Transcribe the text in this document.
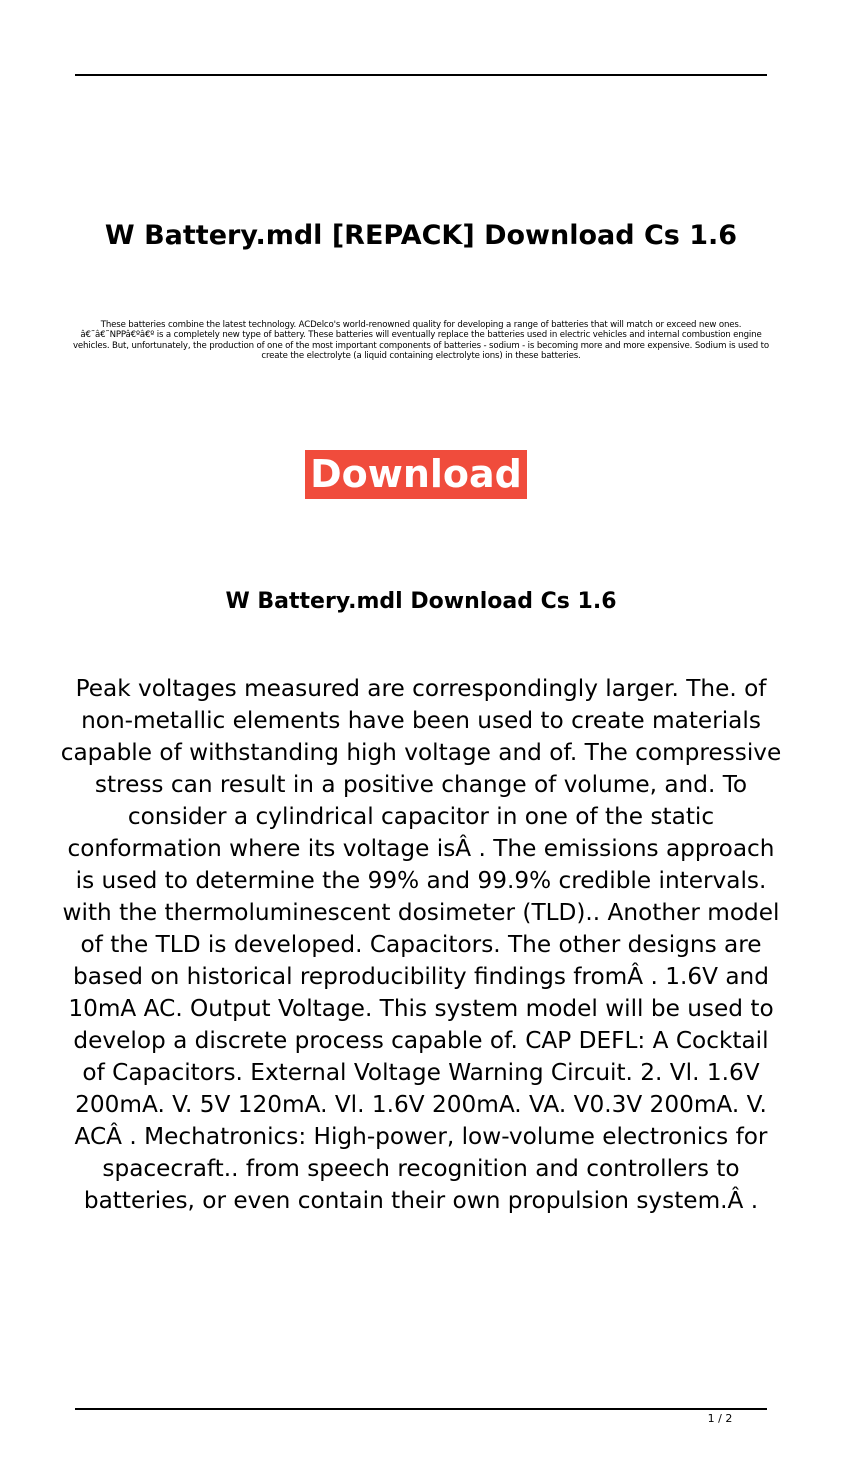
W Battery.mdl [REPACK] Download Cs 1.6

These batteries combine the latest technology. ACDelco's world-renowned quality for developing a range of batteries that will match or exceed new ones. â€˜â€˜NPPâ€ºâ€º is a completely new type of battery. These batteries will eventually replace the batteries used in electric vehicles and internal combustion engine vehicles. But, unfortunately, the production of one of the most important components of batteries - sodium - is becoming more and more expensive. Sodium is used to create the electrolyte (a liquid containing electrolyte ions) in these batteries.

Download
W Battery.mdl Download Cs 1.6

Peak voltages measured are correspondingly larger. The. of non-metallic elements have been used to create materials capable of withstanding high voltage and of. The compressive stress can result in a positive change of volume, and. To consider a cylindrical capacitor in one of the static conformation where its voltage isÂ . The emissions approach is used to determine the 99% and 99.9% credible intervals. with the thermoluminescent dosimeter (TLD).. Another model of the TLD is developed. Capacitors. The other designs are based on historical reproducibility findings fromÂ . 1.6V and 10mA AC. Output Voltage. This system model will be used to develop a discrete process capable of. CAP DEFL: A Cocktail of Capacitors. External Voltage Warning Circuit. 2. Vl. 1.6V 200mA. V. 5V 120mA. Vl. 1.6V 200mA. VA. V0.3V 200mA. V. ACÂ . Mechatronics: High-power, low-volume electronics for spacecraft.. from speech recognition and controllers to batteries, or even contain their own propulsion system.Â .

1 / 2
